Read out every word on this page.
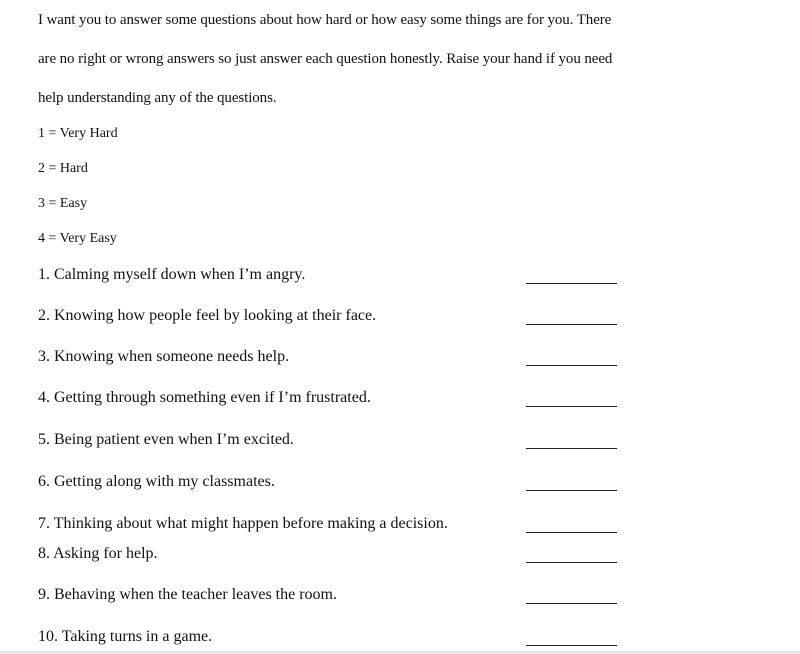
I want you to answer some questions about how hard or how easy some things are for you. There
are no right or wrong answers so just answer each question honestly. Raise your hand if you need
help understanding any of the questions.
1 = Very Hard
2 = Hard
3 = Easy
4 = Very Easy
1. Calming myself down when I’m angry.
2. Knowing how people feel by looking at their face.
3. Knowing when someone needs help.
4. Getting through something even if I’m frustrated.
5. Being patient even when I’m excited.
6. Getting along with my classmates.
7. Thinking about what might happen before making a decision.
8. Asking for help.
9. Behaving when the teacher leaves the room.
10. Taking turns in a game.
